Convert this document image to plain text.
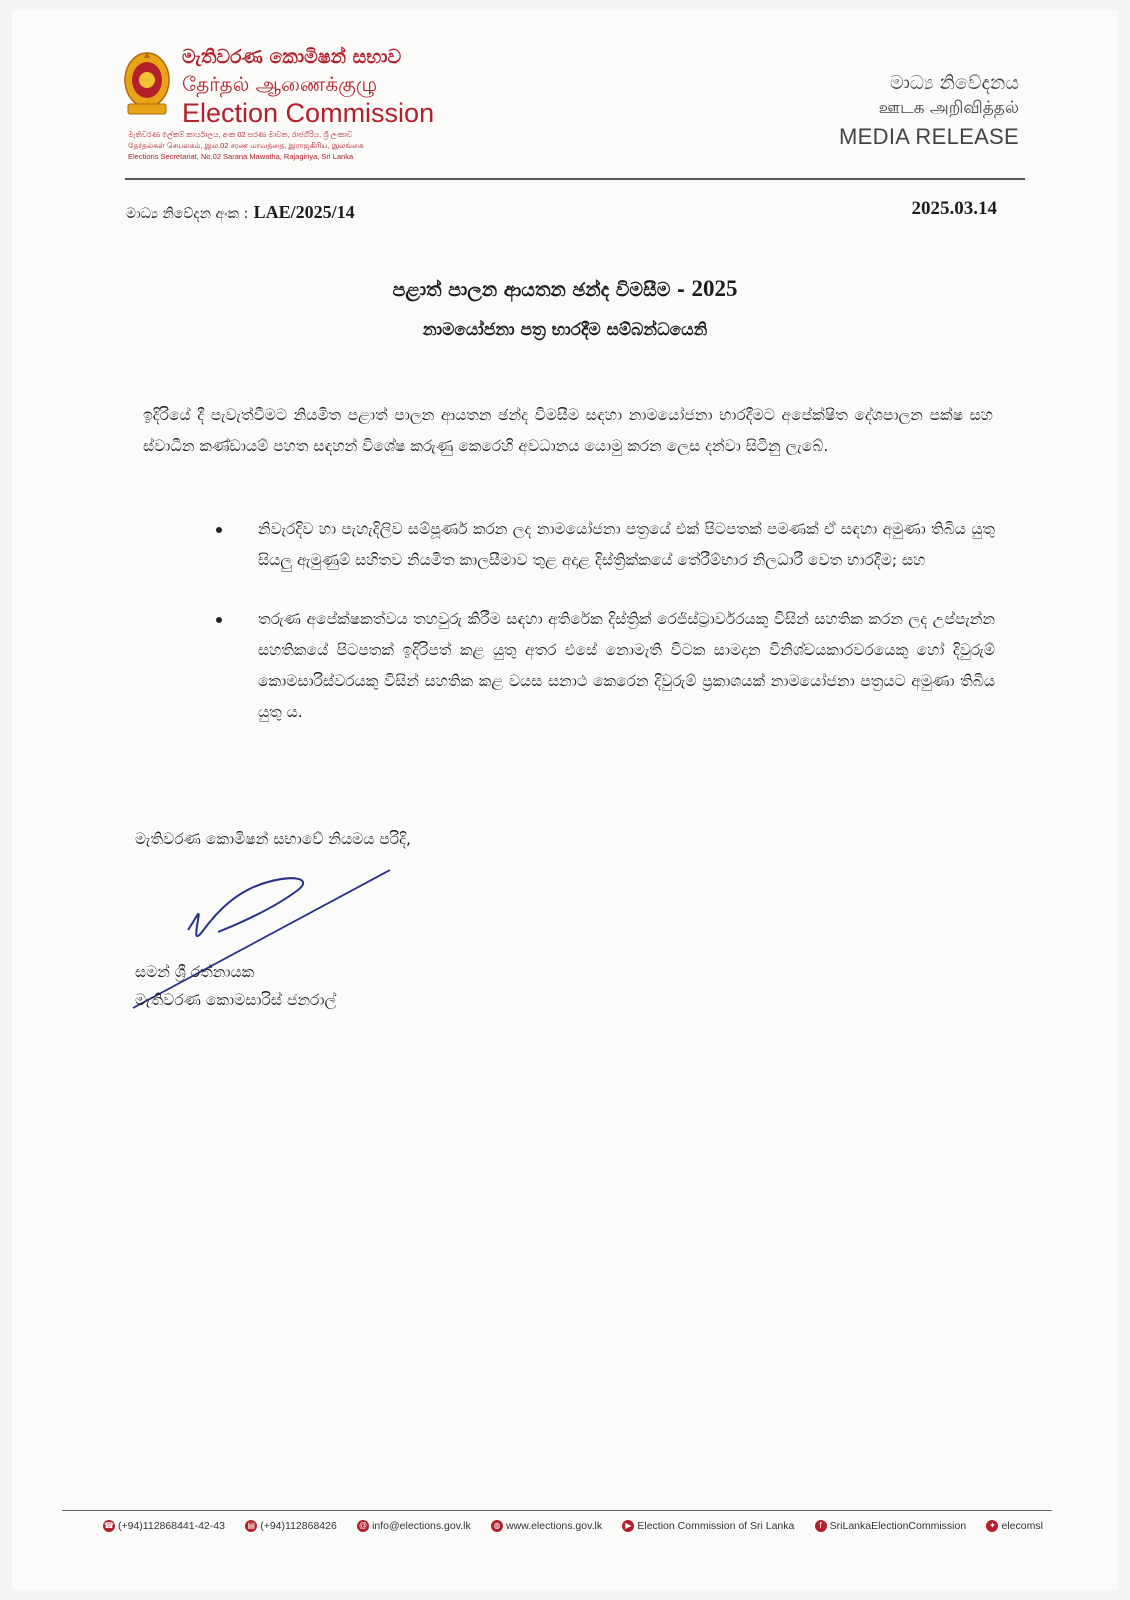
මැතිවරණ කොමිෂන් සභාව
தேர்தல் ஆணைக்குழு
Election Commission
මැතිවරණ ලේකම් කාර්යාලය, අංක 02 සරණ මාවත, රාජගිරිය, ශ්‍රී ලංකාව
தேர்தல்கள் செயலகம், இல.02 சரண மாவத்தை, இராஜகிரிய, இலங்கை
Elections Secretariat, No.02 Sarana Mawatha, Rajagiriya, Sri Lanka
මාධ්‍ය නිවේදනය
ஊடக அறிவித்தல்
MEDIA RELEASE
මාධ්‍ය නිවේදන අංක : LAE/2025/14	2025.03.14
පළාත් පාලන ආයතන ඡන්ද විමසීම - 2025
නාමයෝජනා පත්‍ර භාරදීම සම්බන්ධයෙනි

ඉදිරියේ දී පැවැත්වීමට නියමිත පළාත් පාලන ආයතන ඡන්ද විමසීම සඳහා නාමයෝජනා භාරදීමට අපේක්ෂිත දේශපාලන පක්ෂ සහ ස්වාධීන කණ්ඩායම් පහත සඳහන් විශේෂ කරුණු කෙරෙහි අවධානය යොමු කරන ලෙස දන්වා සිටිනු ලැබේ.

නිවැරදිව හා පැහැදිලිව සම්පූර්ණ කරන ලද නාමයෝජනා පත්‍රයේ එක් පිටපතක් පමණක් ඒ සඳහා අමුණා තිබිය යුතු සියලු ඇමුණුම් සහිතව නියමිත කාලසීමාව තුළ අදාළ දිස්ත්‍රික්කයේ තේරීම්භාර නිලධාරී වෙත භාරදීම; සහ
තරුණ අපේක්ෂකත්වය තහවුරු කිරීම සඳහා අතිරේක දිස්ත්‍රික් රෙජිස්ට්‍රාර්වරයකු විසින් සහතික කරන ලද උප්පැන්න සහතිකයේ පිටපතක් ඉදිරිපත් කළ යුතු අතර එසේ නොමැති විටක සාමදාන විනිශ්චයකාරවරයෙකු හෝ දිවුරුම් කොමසාරිස්වරයකු විසින් සහතික කළ වයස සනාථ කෙරෙන දිවුරුම් ප්‍රකාශයක් නාමයෝජනා පත්‍රයට අමුණා තිබිය යුතු ය.
මැතිවරණ කොමිෂන් සභාවේ නියමය පරිදි,
සමන් ශ්‍රී රත්නායක
මැතිවරණ කොමසාරිස් ජනරාල්
☎ (+94)112868441-42-43	▤ (+94)112868426	@ info@elections.gov.lk	◍ www.elections.gov.lk	▶ Election Commission of Sri Lanka	f SriLankaElectionCommission	✦ elecomsl
